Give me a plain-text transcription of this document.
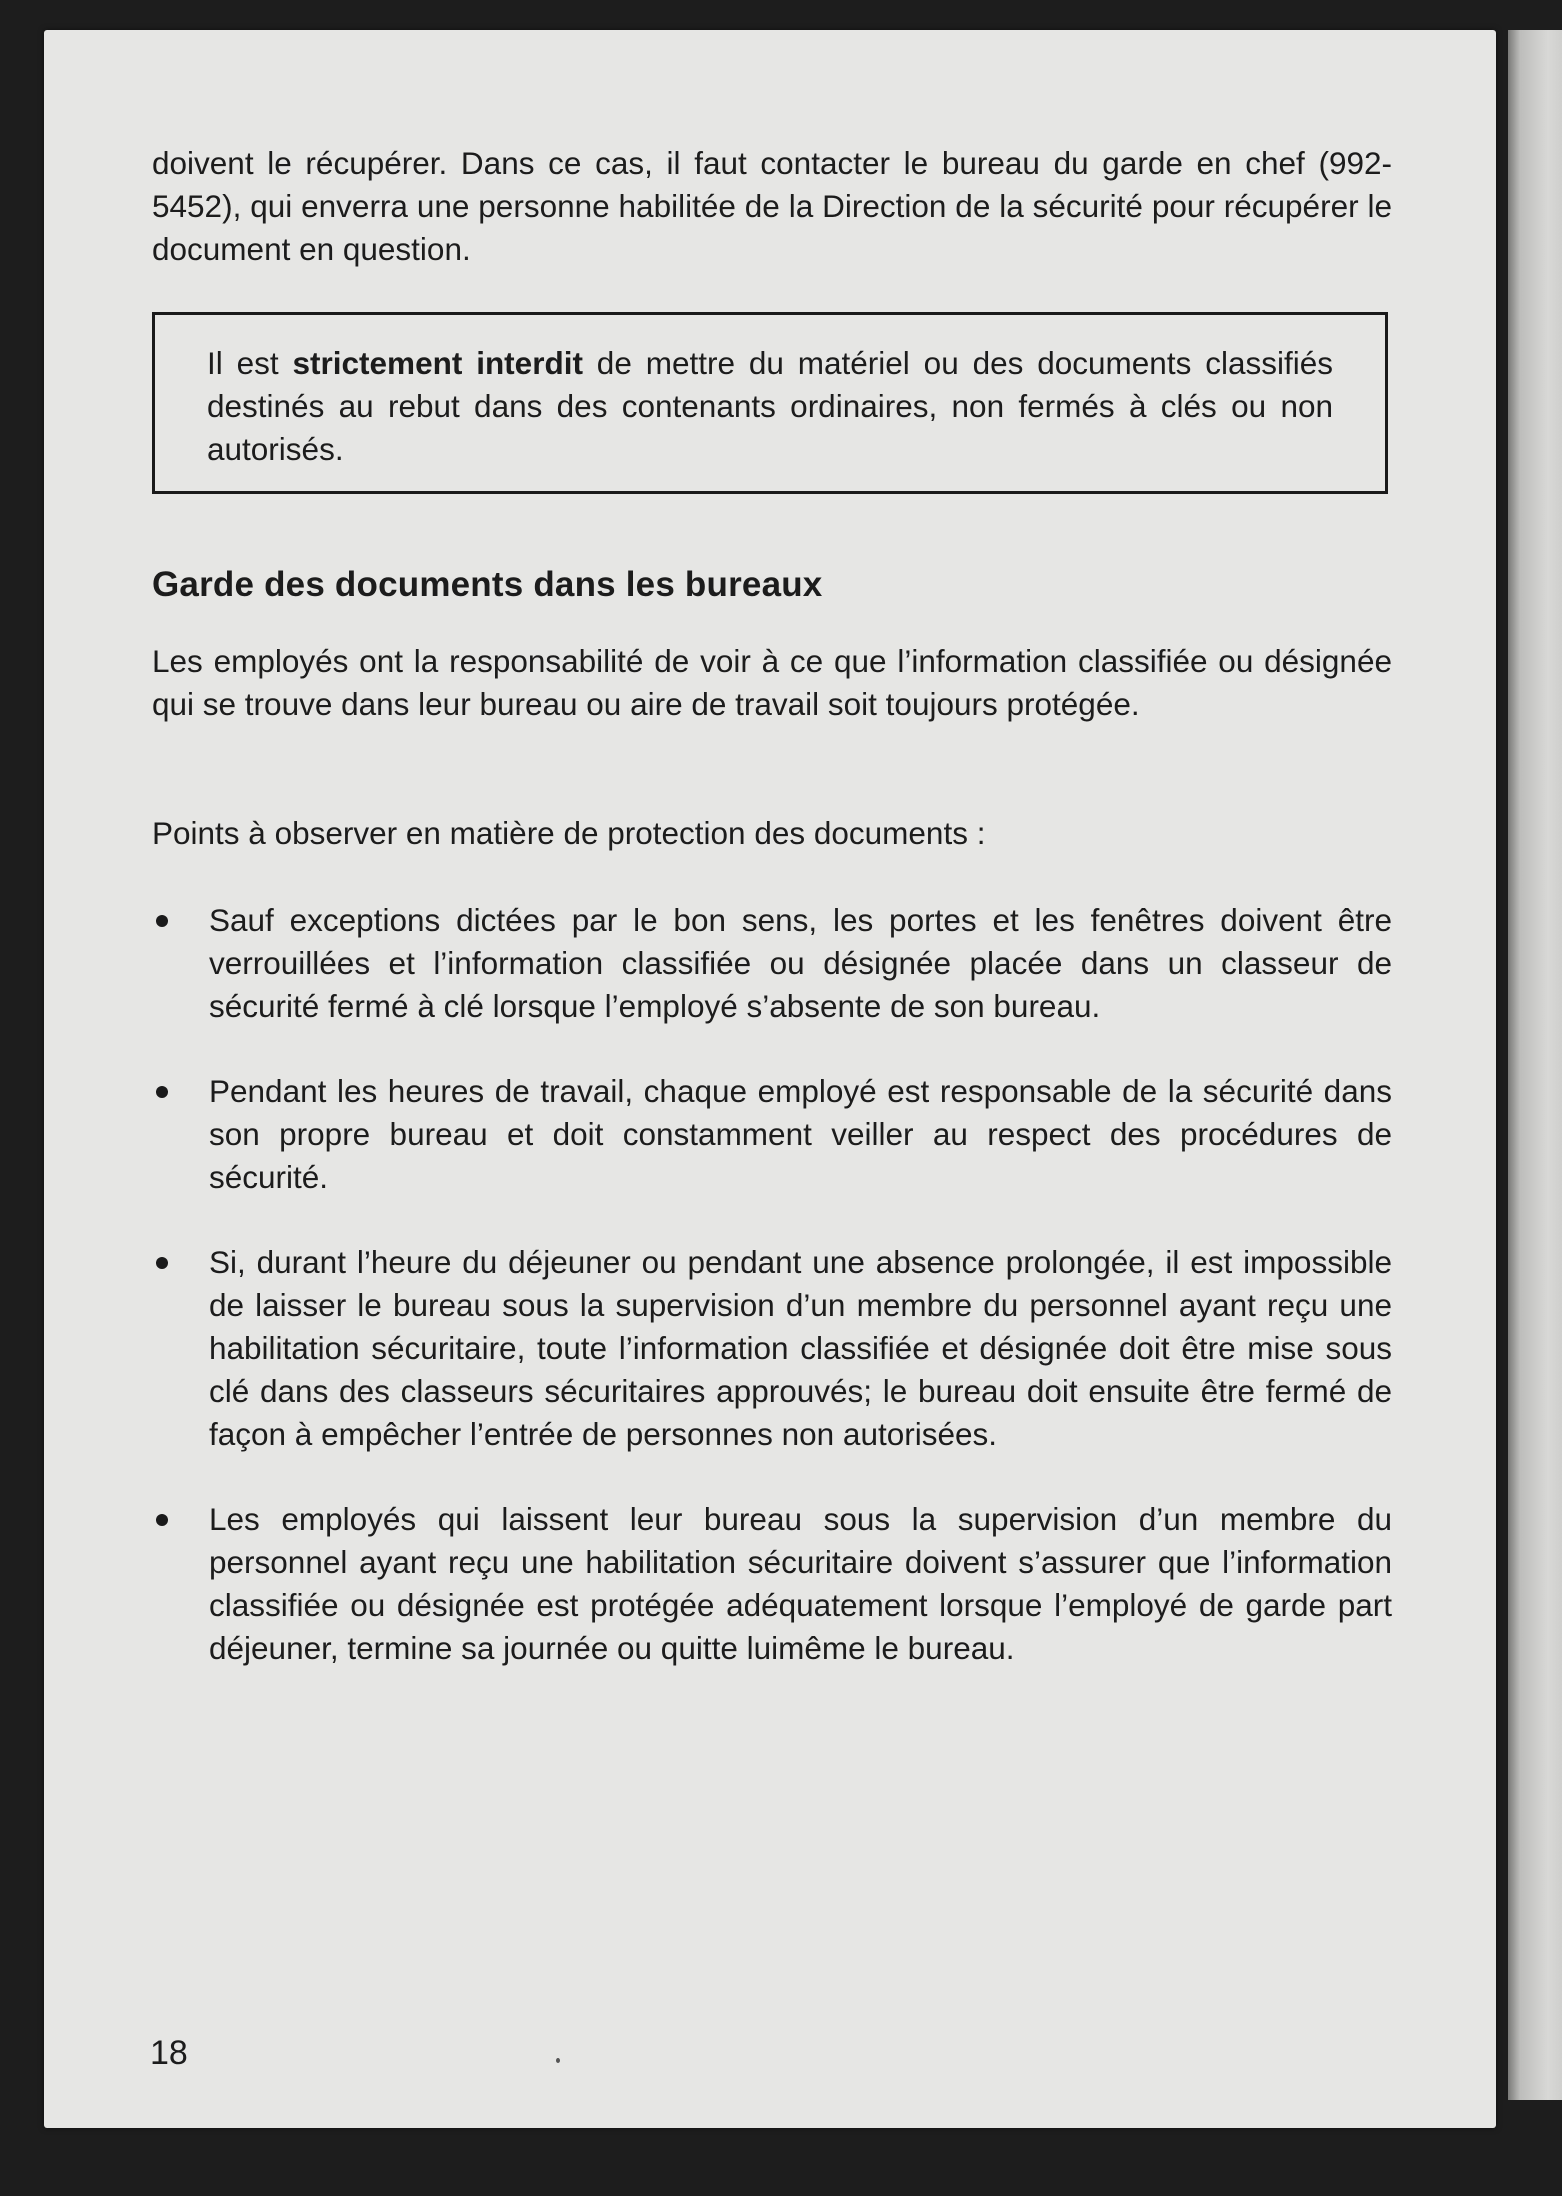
doivent le récupérer. Dans ce cas, il faut contacter le bureau du garde en chef (992-5452), qui enverra une personne habilitée de la Direction de la sécurité pour récupérer le document en question.

Il est strictement interdit de mettre du matériel ou des documents classifiés destinés au rebut dans des contenants ordinaires, non fermés à clés ou non autorisés.

Garde des documents dans les bureaux

Les employés ont la responsabilité de voir à ce que l’information classifiée ou désignée qui se trouve dans leur bureau ou aire de travail soit toujours protégée.

Points à observer en matière de protection des documents :

Sauf exceptions dictées par le bon sens, les portes et les fenêtres doivent être verrouillées et l’information classifiée ou désignée placée dans un classeur de sécurité fermé à clé lorsque l’employé s’absente de son bureau.

Pendant les heures de travail, chaque employé est responsable de la sécurité dans son propre bureau et doit constamment veiller au respect des procédures de sécurité.

Si, durant l’heure du déjeuner ou pendant une absence prolongée, il est impossible de laisser le bureau sous la supervision d’un membre du personnel ayant reçu une habilitation sécuritaire, toute l’information classifiée et désignée doit être mise sous clé dans des classeurs sécuritaires approuvés; le bureau doit ensuite être fermé de façon à empêcher l’entrée de personnes non autorisées.

Les employés qui laissent leur bureau sous la supervision d’un membre du personnel ayant reçu une habilitation sécuritaire doivent s’assurer que l’information classifiée ou désignée est protégée adéquatement lorsque l’employé de garde part déjeuner, termine sa journée ou quitte luimême le bureau.

18
